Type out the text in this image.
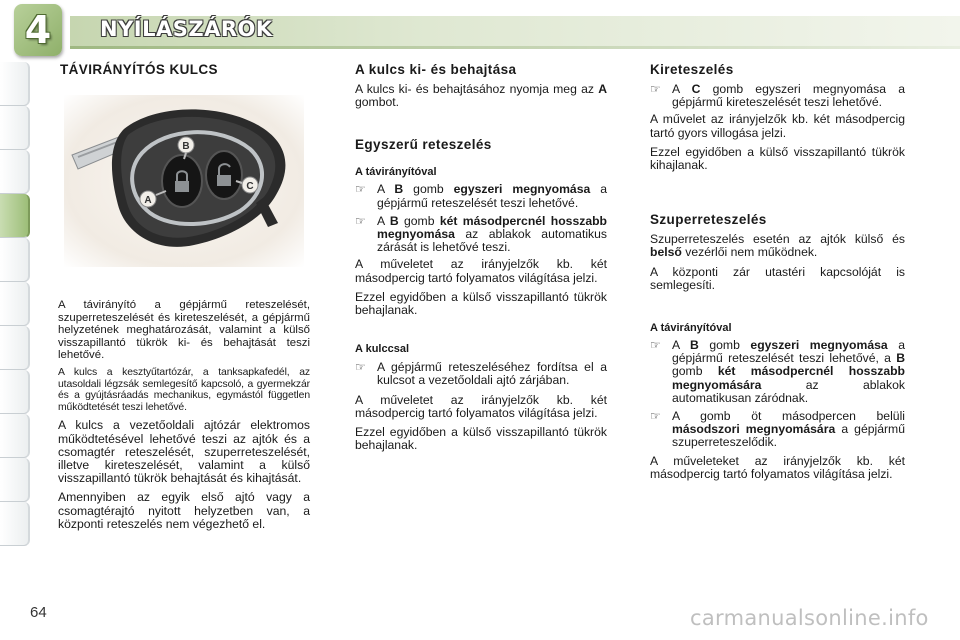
4	NYÍLÁSZÁRÓK
TÁVIRÁNYÍTÓS KULCS
A
B
C

A távirányító a gépjármű reteszelését, szuperreteszelését és kireteszelését, a gépjármű helyzetének meghatározását, valamint a külső visszapillantó tükrök ki- és behajtását teszi lehetővé.

A kulcs a kesztyűtartózár, a tanksapkafedél, az utasoldali légzsák semlegesítő kapcsoló, a gyermekzár és a gyújtásráadás mechanikus, egymástól független működtetését teszi lehetővé.

A kulcs a vezetőoldali ajtózár elektromos működtetésével lehetővé teszi az ajtók és a csomagtér reteszelését, szuperreteszelését, illetve kireteszelését, valamint a külső visszapillantó tükrök behajtását és kihajtását.

Amennyiben az egyik első ajtó vagy a csomagtérajtó nyitott helyzetben van, a központi reteszelés nem végezhető el.

A kulcs ki- és behajtása

A kulcs ki- és behajtásához nyomja meg az A gombot.

Egyszerű reteszelés
A távirányítóval
☞ A B gomb egyszeri megnyomása a gépjármű reteszelését teszi lehetővé.
☞ A B gomb két másodpercnél hosszabb megnyomása az ablakok automatikus zárását is lehetővé teszi.

A műveletet az irányjelzők kb. két másodpercig tartó folyamatos világítása jelzi.

Ezzel egyidőben a külső visszapillantó tükrök behajlanak.

A kulccsal
☞ A gépjármű reteszeléséhez fordítsa el a kulcsot a vezetőoldali ajtó zárjában.

A műveletet az irányjelzők kb. két másodpercig tartó folyamatos világítása jelzi.

Ezzel egyidőben a külső visszapillantó tükrök behajlanak.

Kireteszelés
☞ A C gomb egyszeri megnyomása a gépjármű kireteszelését teszi lehetővé.

A művelet az irányjelzők kb. két másodpercig tartó gyors villogása jelzi.

Ezzel egyidőben a külső visszapillantó tükrök kihajlanak.

Szuperreteszelés

Szuperreteszelés esetén az ajtók külső és belső vezérlői nem működnek.

A központi zár utastéri kapcsolóját is semlegesíti.

A távirányítóval
☞ A B gomb egyszeri megnyomása a gépjármű reteszelését teszi lehetővé, a B gomb két másodpercnél hosszabb megnyomására az ablakok automatikusan záródnak.
☞ A gomb öt másodpercen belüli másodszori megnyomására a gépjármű szuperreteszelődik.

A műveleteket az irányjelzők kb. két másodpercig tartó folyamatos világítása jelzi.

64	carmanualsonline.info
